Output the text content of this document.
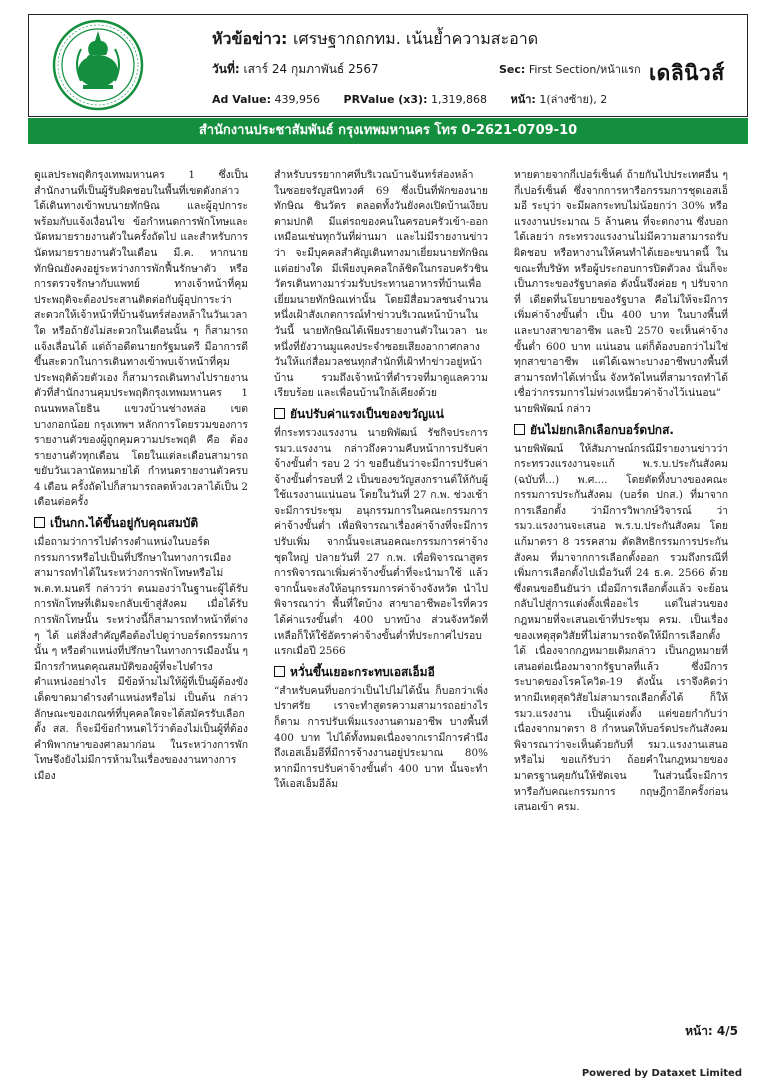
หัวข้อข่าว: เศรษฐากถกทม. เน้นย้ำความสะอาด
วันที่: เสาร์ 24 กุมภาพันธ์ 2567	Sec: First Section/หน้าแรก
Ad Value: 439,956 PRValue (x3): 1,319,868 หน้า: 1(ล่างซ้าย), 2
เดลินิวส์
สำนักงานประชาสัมพันธ์ กรุงเทพมหานคร โทร 0-2621-0709-10

ดูแลประพฤติกรุงเทพมหานคร 1 ซึ่งเป็นสำนักงานที่เป็นผู้รับผิดชอบในพื้นที่เขตดังกล่าว ได้เดินทางเข้าพบนายทักษิณ และผู้อุปการะ พร้อมกับแจ้งเงื่อนไข ข้อกำหนดการพักโทษและนัดหมายรายงานตัวในครั้งถัดไป และสำหรับการนัดหมายรายงานตัวในเดือน มี.ค. หากนายทักษิณยังคงอยู่ระหว่างการพักฟื้นรักษาตัว หรือการตรวจรักษากับแพทย์ ทางเจ้าหน้าที่คุมประพฤติจะต้องประสานติดต่อกับผู้อุปการะว่าสะดวกให้เจ้าหน้าที่บ้านจันทร์ส่องหล้าในวันเวลาใด หรือถ้ายังไม่สะดวกในเดือนนั้น ๆ ก็สามารถแจ้งเลื่อนได้ แต่ถ้าอดีตนายกรัฐมนตรี มีอาการดีขึ้นสะดวกในการเดินทางเข้าพบเจ้าหน้าที่คุมประพฤติด้วยตัวเอง ก็สามารถเดินทางไปรายงานตัวที่สำนักงานคุมประพฤติกรุงเทพมหานคร 1 ถนนพหลโยธิน แขวงบ้านช่างหล่อ เขตบางกอกน้อย กรุงเทพฯ หลักการโดยรวมของการรายงานตัวของผู้ถูกคุมความประพฤติ คือ ต้องรายงานตัวทุกเดือน โดยในแต่ละเดือนสามารถขยับวันเวลานัดหมายได้ กำหนดรายงานตัวครบ 4 เดือน ครั้งถัดไปก็สามารถลดห้วงเวลาได้เป็น 2 เดือนต่อครั้ง

เป็นกก.ได้ขึ้นอยู่กับคุณสมบัติ

เมื่อถามว่าการไปดำรงตำแหน่งในบอร์ดกรรมการหรือไปเป็นที่ปรึกษาในทางการเมืองสามารถทำได้ในระหว่างการพักโทษหรือไม่ พ.ต.ท.มนตรี กล่าวว่า ตนมองว่าในฐานะผู้ได้รับการพักโทษที่เดิมจะกลับเข้าสู่สังคม เมื่อได้รับการพักโทษนั้น ระหว่างนี้ก็สามารถทำหน้าที่ต่าง ๆ ได้ แต่สิ่งสำคัญคือต้องไปดูว่าบอร์ดกรรมการนั้น ๆ หรือตำแหน่งที่ปรึกษาในทางการเมืองนั้น ๆ มีการกำหนดคุณสมบัติของผู้ที่จะไปดำรงตำแหน่งอย่างไร มีข้อห้ามไม่ให้ผู้ที่เป็นผู้ต้องขังเด็ดขาดมาดำรงตำแหน่งหรือไม่ เป็นต้น กล่าวลักษณะของเกณฑ์ที่บุคคลใดจะได้สมัครรับเลือกตั้ง สส. ก็จะมีข้อกำหนดไว้ว่าต้องไม่เป็นผู้ที่ต้องคำพิพากษาของศาลมาก่อน ในระหว่างการพักโทษจึงยังไม่มีการห้ามในเรื่องของงานทางการเมือง

สำหรับบรรยากาศที่บริเวณบ้านจันทร์ส่องหล้า ในซอยจรัญสนิทวงศ์ 69 ซึ่งเป็นที่พักของนายทักษิณ ชินวัตร ตลอดทั้งวันยังคงเปิดบ้านเงียบตามปกติ มีแต่รถของคนในครอบครัวเข้า-ออก เหมือนเช่นทุกวันที่ผ่านมา และไม่มีรายงานข่าวว่า จะมีบุคคลสำคัญเดินทางมาเยี่ยมนายทักษิณแต่อย่างใด มีเพียงบุคคลใกล้ชิดในกรอบครัวชินวัตรเดินทางมาร่วมรับประทานอาหารที่บ้านเพื่อเยี่ยมนายทักษิณเท่านั้น โดยมีสื่อมวลชนจำนวนหนึ่งเฝ้าสังเกตการณ์ทำข่าวบริเวณหน้าบ้านในวันนี้ นายทักษิณได้เพียงรายงานตัวในเวลา นะหนึ่งที่ยังวานมูแคงประจำซอยเสียงอากาศกลางวันให้แก่สื่อมวลชนทุกสำนักที่เฝ้าทำข่าวอยู่หน้าบ้าน รวมถึงเจ้าหน้าที่ตำรวจที่มาดูแลความเรียบร้อย และเพื่อนบ้านใกล้เคียงด้วย

ยันปรับค่าแรงเป็นของขวัญแน่

ที่กระทรวงแรงงาน นายพิพัฒน์ รัชกิจประการ รมว.แรงงาน กล่าวถึงความคืบหน้าการปรับค่าจ้างขั้นต่ำ รอบ 2 ว่า ขอยืนยันว่าจะมีการปรับค่าจ้างขั้นต่ำรอบที่ 2 เป็นของขวัญสงกรานต์ให้กับผู้ใช้แรงงานแน่นอน โดยในวันที่ 27 ก.พ. ช่วงเช้า จะมีการประชุม อนุกรรมการในคณะกรรมการค่าจ้างขั้นต่ำ เพื่อพิจารณาเรื่องค่าจ้างที่จะมีการปรับเพิ่ม จากนั้นจะเสนอคณะกรรมการค่าจ้างชุดใหญ่ ปลายวันที่ 27 ก.พ. เพื่อพิจารณาสูตรการพิจารณาเพิ่มค่าจ้างขั้นต่ำที่จะนำมาใช้ แล้วจากนั้นจะส่งให้อนุกรรมการค่าจ้างจังหวัด นำไปพิจารณาว่า พื้นที่ใดบ้าง สาขาอาชีพอะไรที่ควรได้ค่าแรงขั้นต่ำ 400 บาทบ้าง ส่วนจังหวัดที่เหลือก็ให้ใช้อัตราค่าจ้างขั้นต่ำที่ประกาศไปรอบแรกเมื่อปี 2566

หวั่นขึ้นเยอะกระทบเอสเอ็มอี

“สำหรับคนที่บอกว่าเป็นไปไม่ได้นั้น ก็บอกว่าเพิ่งปราศรัย เราจะทำสูตรความสามารถอย่างไรก็ตาม การปรับเพิ่มแรงงานตามอาชีพ บางพื้นที่ 400 บาท ไปได้ทั้งหมดเนื่องจากเรามีการคำนึงถึงเอสเอ็มอีที่มีการจ้างงานอยู่ประมาณ 80% หากมีการปรับค่าจ้างขั้นต่ำ 400 บาท นั้นจะทำให้เอสเอ็มอีล้ม

หายตายจากกี่เปอร์เซ็นต์ ถ้ายกันไปประเทศอื่น ๆ กี่เปอร์เซ็นต์ ซึ่งจากการหารือกรรมการชุดเอสเอ็มอี ระบุว่า จะมีผลกระทบไม่น้อยกว่า 30% หรือแรงงานประมาณ 5 ล้านคน ที่จะตกงาน ซึ่งบอกได้เลยว่า กระทรวงแรงงานไม่มีความสามารถรับผิดชอบ หรือหางานให้คนทำได้เยอะขนาดนี้ ในขณะที่บริษัท หรือผู้ประกอบการปิดตัวลง นั่นก็จะเป็นภาระของรัฐบาลต่อ ดังนั้นจึงค่อย ๆ ปรับจากที่ เดียดที่นโยบายของรัฐบาล คือไม่ให้จะมีการเพิ่มค่าจ้างขั้นต่ำ เป็น 400 บาท ในบางพื้นที่ และบางสาขาอาชีพ และปี 2570 จะเห็นค่าจ้างขั้นต่ำ 600 บาท แน่นอน แต่ก็ต้องบอกว่าไม่ใช่ทุกสาขาอาชีพ แต่ได้เฉพาะบางอาชีพบางพื้นที่สามารถทำได้เท่านั้น จังหวัดไหนที่สามารถทำได้ เชื่อว่ากรรมการไม่ห่วงเหนี่ยวค่าจ้างไว้เน่นอน” นายพิพัฒน์ กล่าว

ยันไม่ยกเลิกเลือกบอร์ดปกส.

นายพิพัฒน์ ให้สัมภาษณ์กรณีมีรายงานข่าวว่า กระทรวงแรงงานจะแก้ พ.ร.บ.ประกันสังคม (ฉบับที่...) พ.ศ.... โดยตัดทิ้งบางของคณะกรรมการประกันสังคม (บอร์ด ปกส.) ที่มาจากการเลือกตั้ง ว่ามีการวิพากษ์วิจารณ์ ว่า รมว.แรงงานจะเสนอ พ.ร.บ.ประกันสังคม โดยแก้มาตรา 8 วรรคสาม ตัดสิทธิกรรมการประกันสังคม ที่มาจากการเลือกตั้งออก รวมถึงกรณีที่เพิ่มการเลือกตั้งไปเมื่อวันที่ 24 ธ.ค. 2566 ด้วย ซึ่งตนขอยืนยันว่า เมื่อมีการเลือกตั้งแล้ว จะย้อนกลับไปสู่การแต่งตั้งเพื่ออะไร แต่ในส่วนของกฎหมายที่จะเสนอเข้าที่ประชุม ครม. เป็นเรื่องของเหตุสุดวิสัยที่ไม่สามารถจัดให้มีการเลือกตั้งได้ เนื่องจากกฎหมายเดิมกล่าว เป็นกฎหมายที่เสนอต่อเนื่องมาจากรัฐบาลที่แล้ว ซึ่งมีการระบาดของโรคโควิด-19 ดังนั้น เราจึงคิดว่า หากมีเหตุสุดวิสัยไม่สามารถเลือกตั้งได้ ก็ให้ รมว.แรงงาน เป็นผู้แต่งตั้ง แต่ขอยกำกับว่าเนื่องจากมาตรา 8 กำหนดให้บอร์ดประกันสังคมพิจารณาว่าจะเห็นด้วยกับที่ รมว.แรงงานเสนอหรือไม่ ขอแก้รับว่า ถ้อยคำในกฎหมายของมาตรฐานคุยกันให้ชัดเจน ในส่วนนี้จะมีการหารือกับคณะกรรมการ กฤษฎีกาอีกครั้งก่อนเสนอเข้า ครม.

หน้า: 4/5
Powered by Dataxet Limited
